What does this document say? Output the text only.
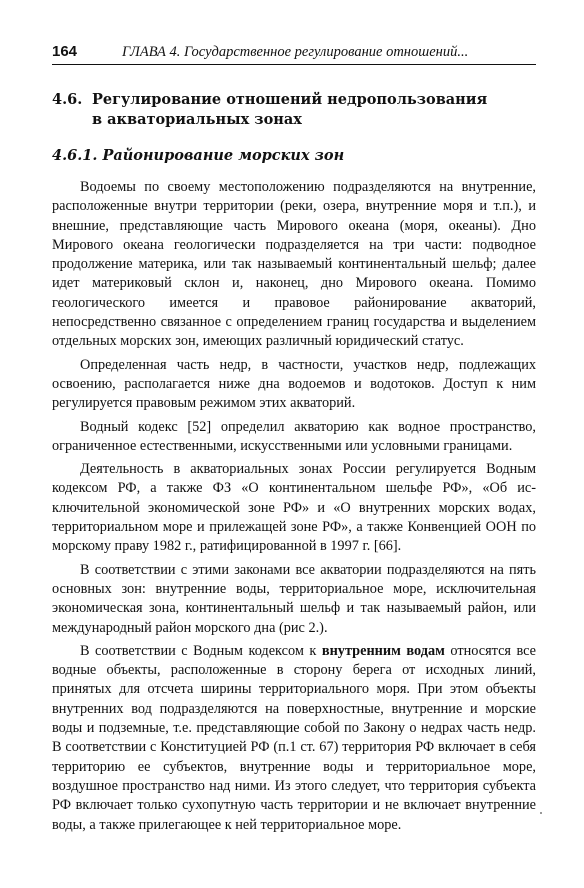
164	ГЛАВА 4. Государственное регулирование отношений...
4.6. Регулирование отношений недропользования
в акваториальных зонах
4.6.1. Районирование морских зон

Водоемы по своему местоположению подразделяются на внутренние, расположенные внутри территории (реки, озера, внутренние моря и т.п.), и внешние, представляющие часть Мирового океана (моря, океаны). Дно Мирового океана геологически подразделяется на три части: подводное продолжение материка, или так называемый континентальный шельф; далее идет материковый склон и, наконец, дно Мирового океана. Помимо геологического имеется и правовое районирование акваторий, непосредственно связанное с определением границ государства и выделением отдельных морских зон, имеющих различный юридический статус.

Определенная часть недр, в частности, участков недр, подлежащих освоению, располагается ниже дна водоемов и водотоков. Доступ к ним регулируется правовым режимом этих акваторий.

Водный кодекс [52] определил акваторию как водное пространство, ограниченное естественными, искусственными или условными границами.

Деятельность в акваториальных зонах России регулируется Водным кодексом РФ, а также ФЗ «О континентальном шельфе РФ», «Об исключительной экономической зоне РФ» и «О внутренних морских водах, территориальном море и прилежащей зоне РФ», а также Конвенцией ООН по морскому праву 1982 г., ратифицированной в 1997 г. [66].

В соответствии с этими законами все акватории подразделяются на пять основных зон: внутренние воды, территориальное море, исключительная экономическая зона, континентальный шельф и так называемый район, или международный район морского дна (рис 2.).

В соответствии с Водным кодексом к внутренним водам относятся все водные объекты, расположенные в сторону берега от исходных линий, принятых для отсчета ширины территориального моря. При этом объекты внутренних вод подразделяются на поверхностные, внутренние и морские воды и подземные, т.е. представляющие собой по Закону о недрах часть недр. В соответствии с Конституцией РФ (п.1 ст. 67) территория РФ включает в себя территорию ее субъектов, внутренние воды и территориальное море, воздушное пространство над ними. Из этого следует, что территория субъекта РФ включает только сухопутную часть территории и не включает внутренние воды, а также прилегающее к ней территориальное море.
